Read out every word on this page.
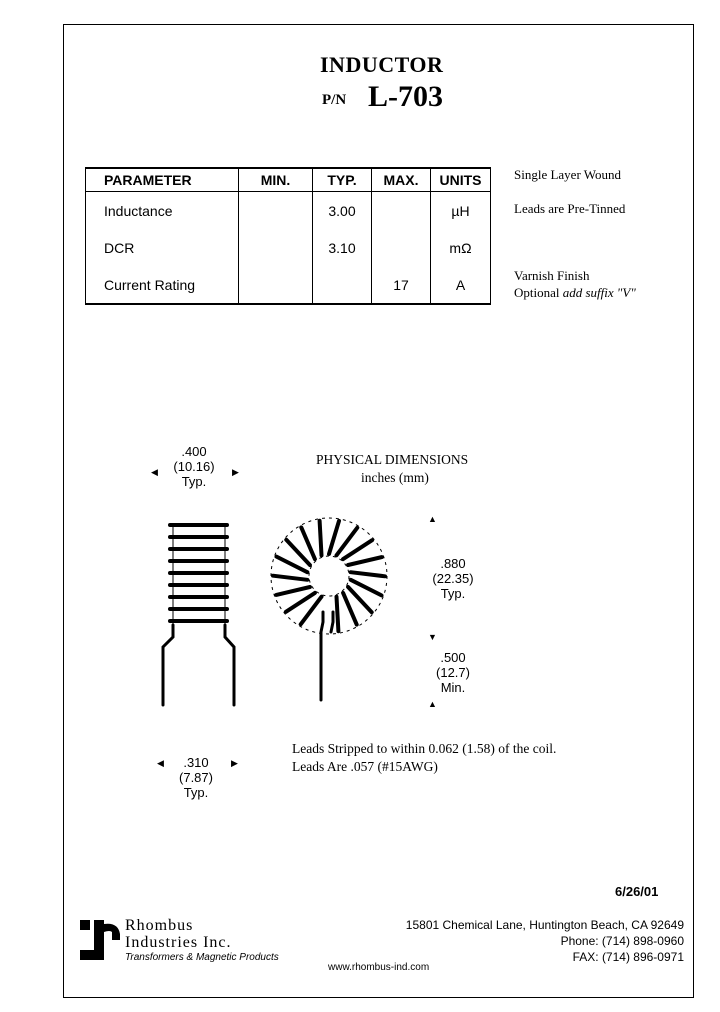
INDUCTOR
P/N L-703
PARAMETER	MIN.	TYP.	MAX.	UNITS
Inductance		3.00		µH
DCR		3.10		mΩ
Current Rating			17	A
Single Layer Wound
Leads are Pre-Tinned
Varnish Finish
Optional add suffix "V"
PHYSICAL DIMENSIONS
inches (mm)
.400
(10.16)
Typ.
◀	▶
.880
(22.35)
Typ.
▲
▼
.500
(12.7)
Min.
▲
.310
(7.87)
Typ.
◀	▶
Leads Stripped to within 0.062 (1.58) of the coil.
Leads Are .057 (#15AWG)
6/26/01
Rhombus
Industries Inc.
Transformers & Magnetic Products
15801 Chemical Lane, Huntington Beach, CA 92649
Phone: (714) 898-0960
FAX: (714) 896-0971
www.rhombus-ind.com
